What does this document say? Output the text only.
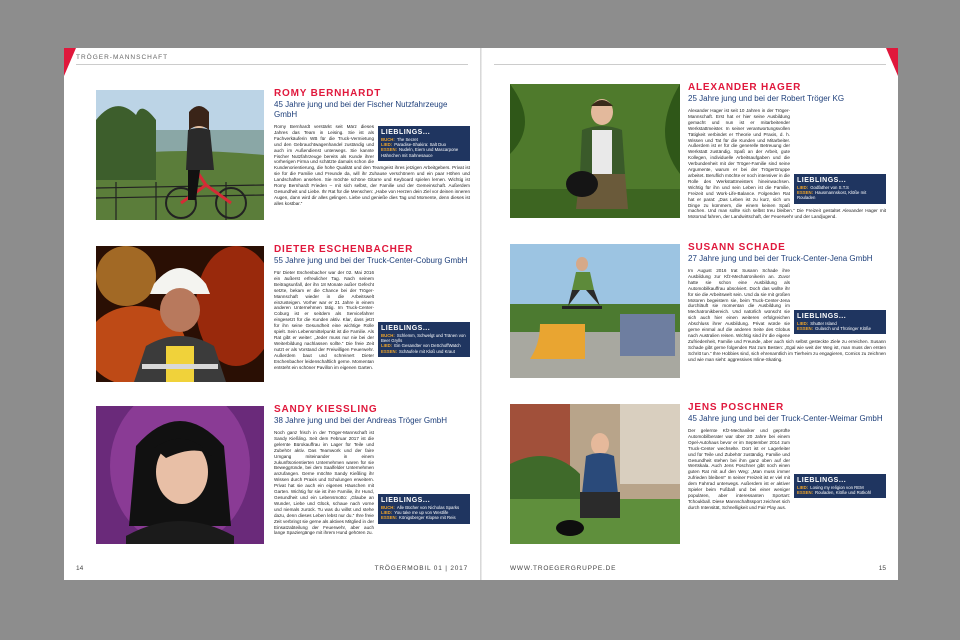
TRÖGER-MANNSCHAFT

ROMY BERNHARDT

45 Jahre jung und bei der Fischer Nutzfahrzeuge GmbH

LIEBLINGS...
BUCH: The Secret
LIED: Paradise-Shakira: Salt Duo
ESSEN: Nudeln, Eiern und Mascarpone
Hähnchen mit Sahnesauce

Romy Bernhardt verstärkt seit März dieses Jahres das Team in Leising. Sie ist als Fachverkäuferin WB für die Truck-Vermietung und den Gebrauchtwagenhandel zuständig und auch im Außendienst unterwegs. Sie kannte Fischer Nutzfahrzeuge bereits als Kunde ihrer vorherigen Firma und schätzte damals schon die Kundenorientierung, die hohe Qualität und den Teamgeist ihres jetzigen Arbeitgebers. Privat ist sie für die Familie und Freunde da, will ihr Zuhause verschönern und ein paar Höhen und Landschaften ansehen. Sie möchte schöne Gitarre und Keyboard spielen lernen. Wichtig ist Romy Bernhardt Frieden – mit sich selbst, der Familie und der Gemeinschaft. Außerdem Gesundheit und Liebe. Ihr Rat für die Menschen: „Habe von Herzen dein Ziel vor deinen inneren Augen, dann wird dir alles gelingen. Liebe und genieße dies Tag und Momente, denn dieses ist alles kostbar.“

DIETER ESCHENBACHER

55 Jahre jung und bei der Truck-Center-Coburg GmbH

LIEBLINGS...
BUCH: Schlemm, Schwelgt und Tränen von Beer Grylls
LIED: Ein Gesandter von DeSchoffWatch
ESSEN: Schäufele mit Kloß und Kraut

Für Dieter Eschenbacher war der 02. Mai 2016 ein äußerst erfreulicher Tag. Nach seinem Beitragsunfall, der ihn 18 Monate außer Gefecht setzte, bekam er die Chance bei der Tröger-Mannschaft wieder in die Arbeitswelt einzusteigen. Vorher war er 21 Jahre in einem anderen Unternehmen tätig. Im Truck-Center-Coburg ist er seitdem als Servicefahrer eingesetzt für die Kunden aktiv. Klar, dass jetzt für ihn seine Gesundheit eine wichtige Rolle spielt. Sein Lebensmittelpunkt ist die Familie. Als Rat gibt er weiter: „Jeder muss nur nie bei der Weiterbildung nachlassen sollte.“ Die freie Zeit nutzt er als Vorstand der Freiwilligen Feuerwehr. Außerdem baut und schreinert Dieter Eschenbacher leidenschaftlich gerne. Momentan entsteht ein schöner Pavillon im eigenen Garten.

SANDY KIESSLING

38 Jahre jung und bei der Andreas Tröger GmbH

LIEBLINGS...
BUCH: Alle Bücher von Nicholas Sparks
LIED: You take me up von Westlife
ESSEN: Königsberger Klopse mit Reis

Noch ganz frisch in der Tröger-Mannschaft ist Sandy Kießling. Seit dem Februar 2017 ist die gelernte Bürokauffrau im Lager für Teile und Zubehör aktiv. Das Teamwork und der faire Umgang miteinander in einem zukunftsorientierten Unternehmen waren für sie Beweggründe, bei dem Saalfelder Unternehmen anzufangen. Gerne möchte Sandy Kießling ihr Wissen durch Praxis und Schulungen erweitern. Privat hat sie auch ein eigenes Häuschen mit Garten. Wichtig für sie ist ihre Familie, ihr Hund, Gesundheit und ein Lebensmotto: „Glaube an Wunder, Liebe und Glück, schaue nach vorne und niemals zurück. Tu was du willst und stehe dazu, denn dieses Leben lebst nur du.“ Ihre freie Zeit verbringt sie gerne als aktives Mitglied in der Einsatzabteilung der Feuerwehr, aber auch lange Spaziergänge mit ihrem Hund gehören zu.

14	TRÖGERMOBIL 01 | 2017

ALEXANDER HAGER

25 Jahre jung und bei der Robert Tröger KG

LIEBLINGS...
LIED: Godfather von S.T.S
ESSEN: Hausmannskost, Klöße mit Rouladen

Alexander Hager ist seit 10 Jahren in der Tröger-Mannschaft. Erst hat er hier seine Ausbildung gemacht und nun ist er mitarbeitender Werkstattmeister. In seiner verantwortungsvollen Tätigkeit verbindet er Theorie und Praxis, d. h. Wissen und Tat für die Kunden und Mitarbeiter. Außerdem ist er für die generelle Betreuung der Werkstatt zuständig. Spaß an der Arbeit, gute Kollegen, individuelle Arbeitsaufgaben und die Verbundenheit mit der Tröger-Familie sind seine Argumente, warum er bei der TrögerGruppe arbeitet. Beruflich möchte er noch intensiver in die Rolle des Werkstattmeisters hineinwachsen. Wichtig für ihn und sein Leben ist die Familie, Freizeit und Work-Life-Balance. Folgenden Rat hat er parat: „Das Leben ist zu kurz, sich um Dinge zu kümmern, die einem keinen Spaß machen. Und man sollte sich selbst treu bleiben.“ Die Freizeit gestaltet Alexander Hager mit Motorrad fahren, der Landwirtschaft, der Feuerwehr und der Landjugend.

SUSANN SCHADE

27 Jahre jung und bei der Truck-Center-Jena GmbH

LIEBLINGS...
LIED: Shutter Island
ESSEN: Gulasch und Thüringer Klöße

Im August 2016 trat Susann Schade ihre Ausbildung zur Kfz-Mechatronikerin an. Zuvor hatte sie schon eine Ausbildung als Automobilkauffrau absolviert. Doch das wollte ihr für sie die Arbeitswelt sein. Und da sie mit großen Motoren begeistern sie, beim Truck-Center-Jena durchläuft sie momentan die Ausbildung im Mechatronikbereich. Und natürlich wünscht sie sich auch hier einen weiteren erfolgreichen Abschluss ihrer Ausbildung. Privat würde sie gerne einmal auf die anderen Seite des Globus nach Australien reisen. Wichtig sind ihr die eigene Zufriedenheit, Familie und Freunde, aber auch sich selbst gesteckte Ziele zu erreichen. Susann Schade gibt gerne folgenden Rat zum Besten: „Egal wie weit der Weg ist, man muss den ersten Schritt tun.“ Ihre Hobbies sind, sich ehrenamtlich im Tierheim zu engagieren, Comics zu zeichnen und wie man sieht: aggressives Inline-Skating.

JENS POSCHNER

45 Jahre jung und bei der Truck-Center-Weimar GmbH

LIEBLINGS...
LIED: Losing my religion von REM
ESSEN: Rouladen, Klöße und Rotkohl

Der gelernte Kfz-Mechaniker und geprüfte Automobilberater war über 20 Jahre bei einem Opel-Autohaus bevor er im September 2014 zum Truck-Center wechselte. Dort ist er Lagerleiter und für Teile und Zubehör zuständig. Familie und Gesundheit stehen bei ihm ganz oben auf der Wertskala. Auch Jens Poschner gibt noch einen guten Rat mit auf den Weg: „Man muss immer zufrieden bleiben!“ In seiner Freizeit ist er viel mit dem Fahrrad unterwegs. Außerdem ist er aktiver Spieler beim Fußball und bei einer weniger populären, aber interessanten Sportart: Tchoukball. Diese Mannschaftssport zeichnet sich durch Intensität, Schnelligkeit und Fair Play aus.

WWW.TROEGERGRUPPE.DE	15
